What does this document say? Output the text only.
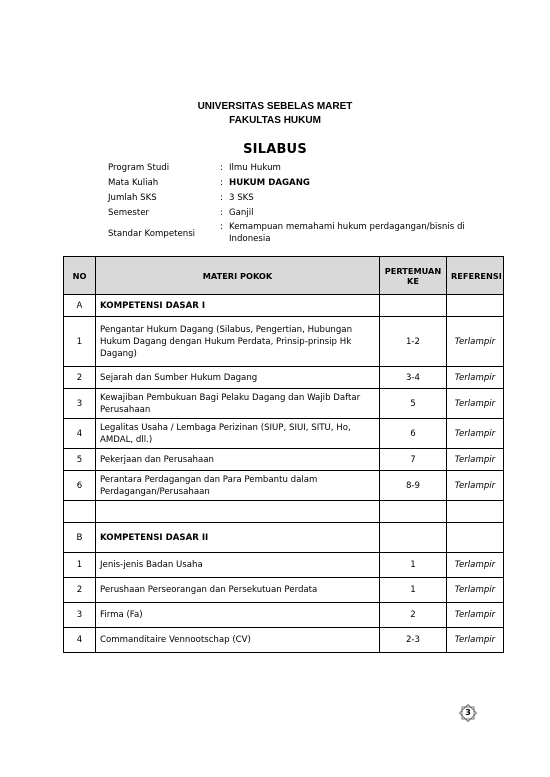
UNIVERSITAS SEBELAS MARET
FAKULTAS HUKUM
SILABUS
Program Studi	: Ilmu Hukum
Mata Kuliah	: HUKUM DAGANG
Jumlah SKS	: 3 SKS
Semester	: Ganjil
Standar Kompetensi
: Kemampuan memahami hukum perdagangan/bisnis di Indonesia
NO	MATERI POKOK	PERTEMUAN KE	REFERENSI
A	KOMPETENSI DASAR I		
1	Pengantar Hukum Dagang (Silabus, Pengertian, Hubungan Hukum Dagang dengan Hukum Perdata, Prinsip-prinsip Hk Dagang)	1-2	Terlampir
2	Sejarah dan Sumber Hukum Dagang	3-4	Terlampir
3	Kewajiban Pembukuan Bagi Pelaku Dagang dan Wajib Daftar Perusahaan	5	Terlampir
4	Legalitas Usaha / Lembaga Perizinan (SIUP, SIUI, SITU, Ho, AMDAL, dll.)	6	Terlampir
5	Pekerjaan dan Perusahaan	7	Terlampir
6	Perantara Perdagangan dan Para Pembantu dalam Perdagangan/Perusahaan	8-9	Terlampir

B	KOMPETENSI DASAR II		
1	Jenis-jenis Badan Usaha	1	Terlampir
2	Perushaan Perseorangan dan Persekutuan Perdata	1	Terlampir
3	Firma (Fa)	2	Terlampir
4	Commanditaire Vennootschap (CV)	2-3	Terlampir
3
